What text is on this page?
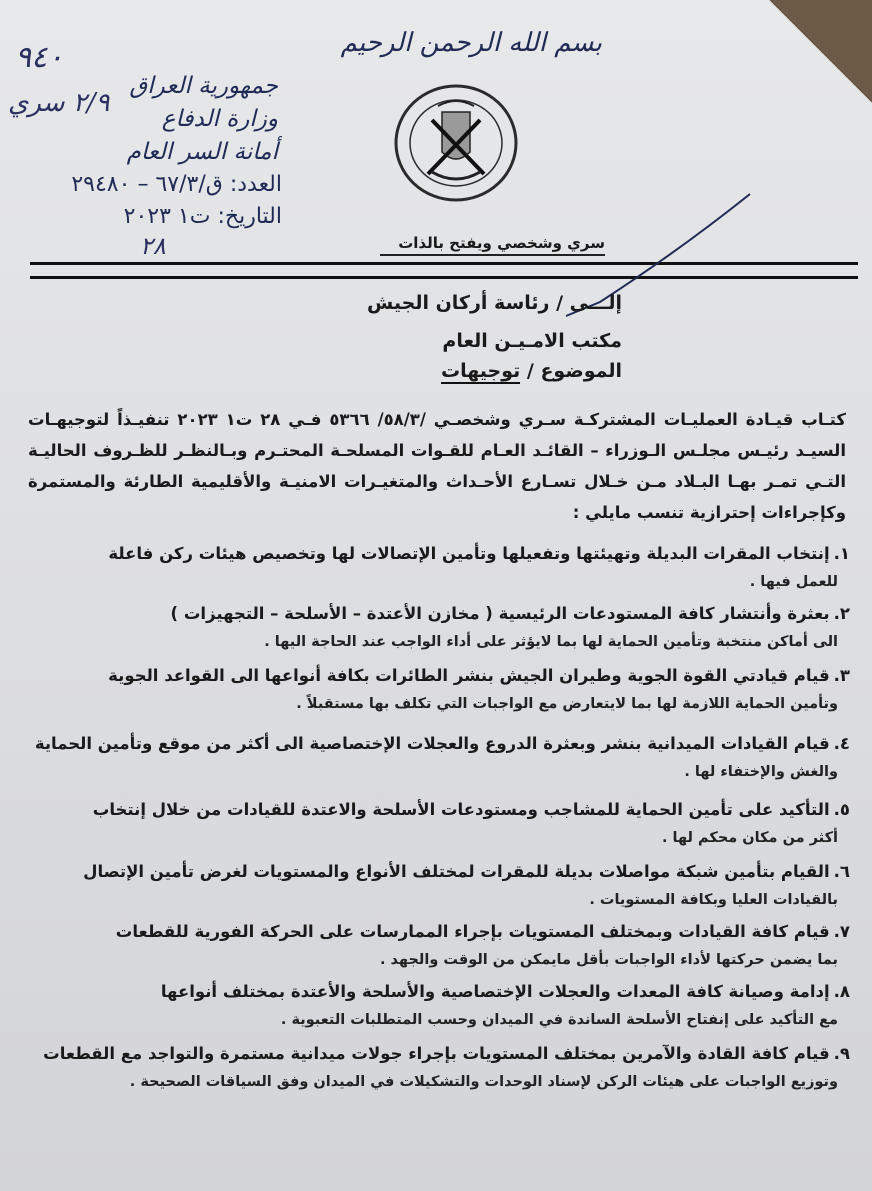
بسم الله الرحمن الرحيم
٩٤٠
٢/٩ سري
٢٨
جمهورية العراق
وزارة الدفاع
أمانة السر العام
العدد: ق/٦٧/٣ – ٢٩٤٨٠
التاريخ: ت١ ٢٠٢٣
سري وشخصي ويفتح بالذات
إلـــى / رئاسة أركان الجيش
مكتب الامـيـن العام
الموضوع / توجيهات
كتـاب قيـادة العمليـات المشتركـة سـري وشخصـي /٥٨/٣/ ٥٣٦٦ فـي ٢٨ ت١ ٢٠٢٣ تنفيـذاً لتوجيهـات السيـد رئيـس مجلـس الـوزراء – القائـد العـام للقـوات المسلحـة المحتـرم وبـالنظـر للظـروف الحاليـة التـي تمـر بهـا البـلاد مـن خـلال تسـارع الأحـداث والمتغيـرات الامنيـة والأقليمية الطارئة والمستمرة وكإجراءات إحترازية تنسب مايلي :
١.إنتخاب المقرات البديلة وتهيئتها وتفعيلها وتأمين الإتصالات لها وتخصيص هيئات ركن فاعلة
للعمل فيها .
٢.بعثرة وأنتشار كافة المستودعات الرئيسية ( مخازن الأعتدة – الأسلحة – التجهيزات )
الى أماكن منتخبة وتأمين الحماية لها بما لايؤثر على أداء الواجب عند الحاجة اليها .
٣.قيام قيادتي القوة الجوية وطيران الجيش بنشر الطائرات بكافة أنواعها الى القواعد الجوية
وتأمين الحماية اللازمة لها بما لايتعارض مع الواجبات التي تكلف بها مستقبلاً .
٤.قيام القيادات الميدانية بنشر وبعثرة الدروع والعجلات الإختصاصية الى أكثر من موقع وتأمين الحماية
والغش والإختفاء لها .
٥.التأكيد على تأمين الحماية للمشاجب ومستودعات الأسلحة والاعتدة للقيادات من خلال إنتخاب
أكثر من مكان محكم لها .
٦.القيام بتأمين شبكة مواصلات بديلة للمقرات لمختلف الأنواع والمستويات لغرض تأمين الإتصال
بالقيادات العليا وبكافة المستويات .
٧.قيام كافة القيادات وبمختلف المستويات بإجراء الممارسات على الحركة الفورية للقطعات
بما يضمن حركتها لأداء الواجبات بأقل مايمكن من الوقت والجهد .
٨.إدامة وصيانة كافة المعدات والعجلات الإختصاصية والأسلحة والأعتدة بمختلف أنواعها
مع التأكيد على إنفتاح الأسلحة الساندة في الميدان وحسب المتطلبات التعبوية .
٩.قيام كافة القادة والآمرين بمختلف المستويات بإجراء جولات ميدانية مستمرة والتواجد مع القطعات
وتوزيع الواجبات على هيئات الركن لإسناد الوحدات والتشكيلات في الميدان وفق السياقات الصحيحة .
